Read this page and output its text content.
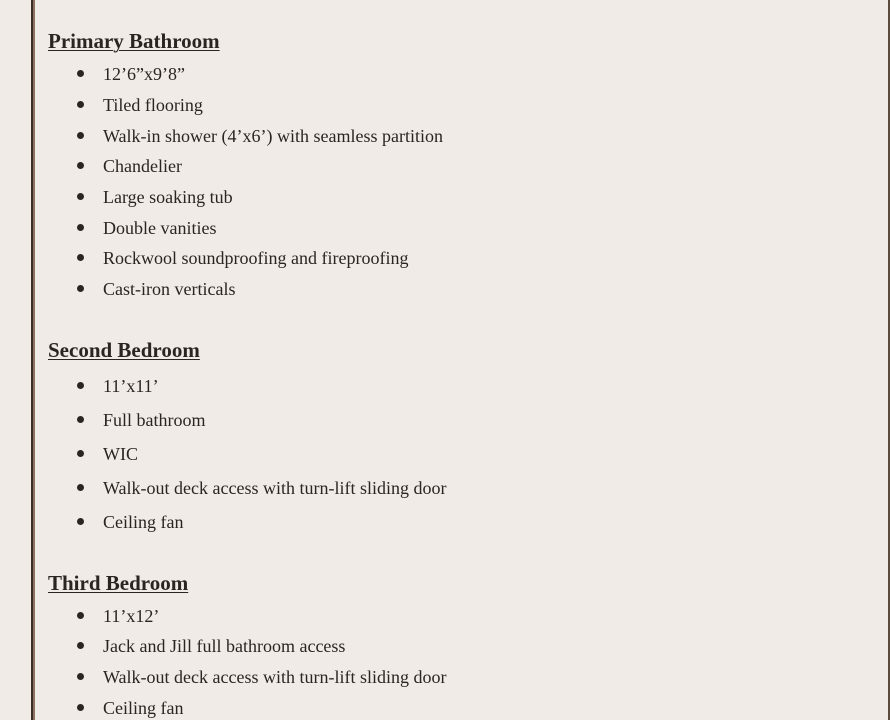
Primary Bathroom
12’6”x9’8”
Tiled flooring
Walk-in shower (4’x6’) with seamless partition
Chandelier
Large soaking tub
Double vanities
Rockwool soundproofing and fireproofing
Cast-iron verticals
Second Bedroom
11’x11’
Full bathroom
WIC
Walk-out deck access with turn-lift sliding door
Ceiling fan
Third Bedroom
11’x12’
Jack and Jill full bathroom access
Walk-out deck access with turn-lift sliding door
Ceiling fan
